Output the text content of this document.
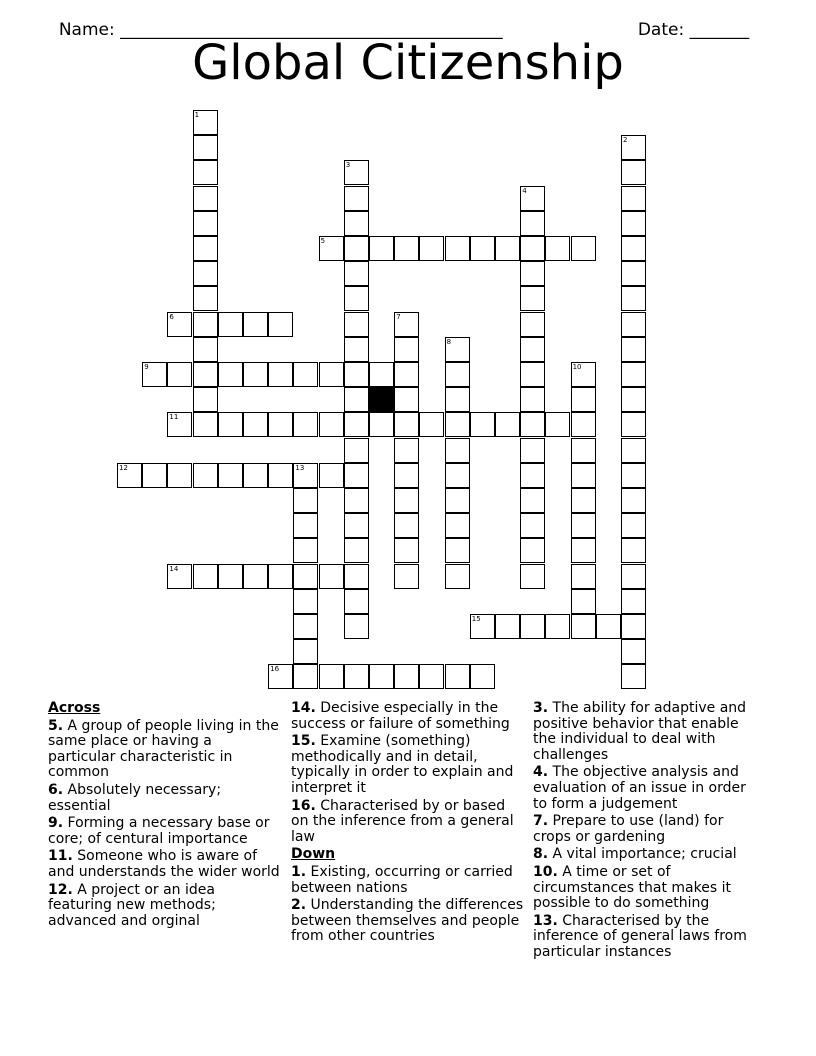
Name: _____________________________________________	Date: _______

Global Citizenship
1
2
3
4
5
6	7
8
9	10
11
12	13
14
15
16
Across
5. A group of people living in the same place or having a particular characteristic in common
6. Absolutely necessary; essential
9. Forming a necessary base or core; of centural importance
11. Someone who is aware of and understands the wider world
12. A project or an idea featuring new methods; advanced and orginal
14. Decisive especially in the success or failure of something
15. Examine (something) methodically and in detail, typically in order to explain and interpret it
16. Characterised by or based on the inference from a general law
Down
1. Existing, occurring or carried between nations
2. Understanding the differences between themselves and people from other countries
3. The ability for adaptive and positive behavior that enable the individual to deal with challenges
4. The objective analysis and evaluation of an issue in order to form a judgement
7. Prepare to use (land) for crops or gardening
8. A vital importance; crucial
10. A time or set of circumstances that makes it possible to do something
13. Characterised by the inference of general laws from particular instances
